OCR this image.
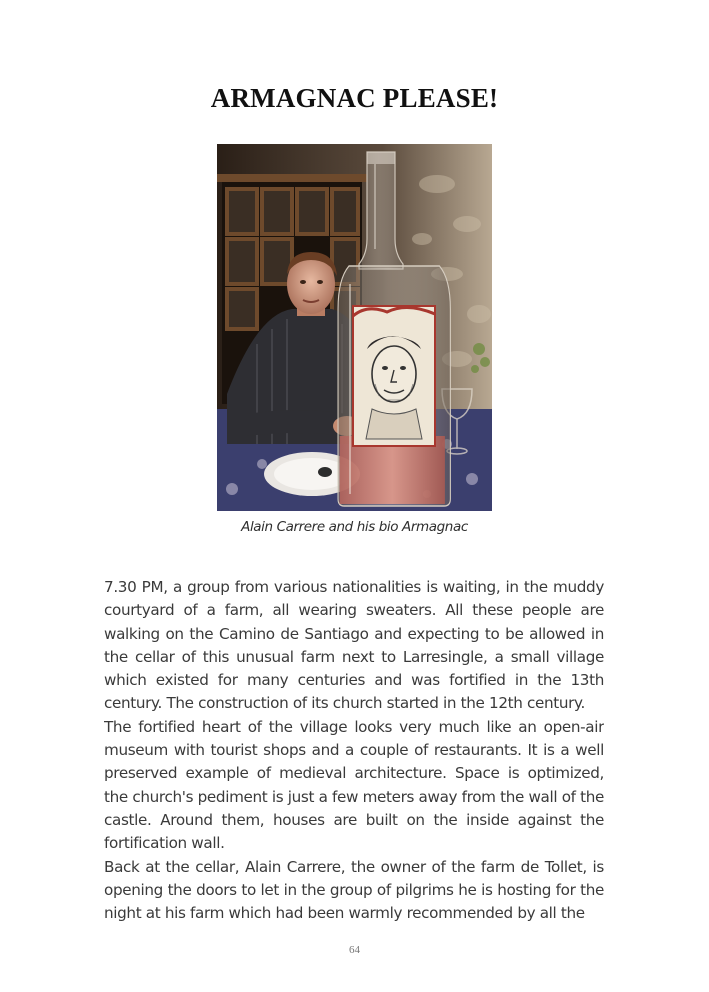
ARMAGNAC PLEASE!
Alain Carrere and his bio Armagnac

7.30 PM, a group from various nationalities is waiting, in the muddy courtyard of a farm, all wearing sweaters. All these people are walking on the Camino de Santiago and expecting to be allowed in the cellar of this unusual farm next to Larresingle, a small village which existed for many centuries and was fortified in the 13th century. The construction of its church started in the 12th century.

The fortified heart of the village looks very much like an open-air museum with tourist shops and a couple of restaurants. It is a well preserved example of medieval architecture. Space is optimized, the church's pediment is just a few meters away from the wall of the castle. Around them, houses are built on the inside against the fortification wall.

Back at the cellar, Alain Carrere, the owner of the farm de Tollet, is opening the doors to let in the group of pilgrims he is hosting for the night at his farm which had been warmly recommended by all the

64
